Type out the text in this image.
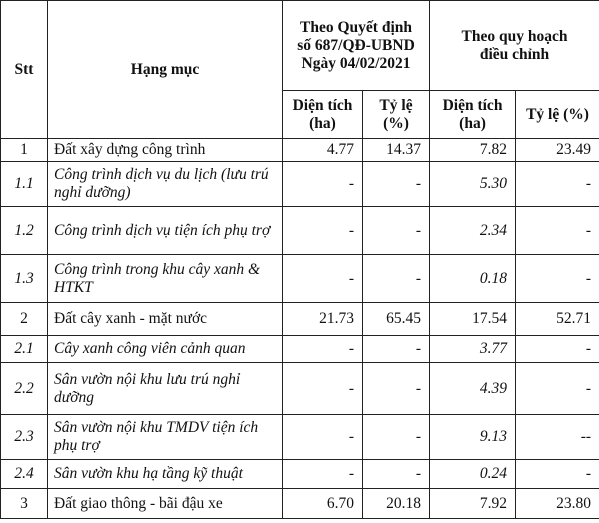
Stt	Hạng mục	Theo Quyết định số 687/QĐ-UBND Ngày 04/02/2021		Theo quy hoạch điều chỉnh	
		Diện tích (ha)	Tỷ lệ (%)	Diện tích (ha)	Tỷ lệ (%)
1	Đất xây dựng công trình	4.77	14.37	7.82	23.49
1.1	Công trình dịch vụ du lịch (lưu trú nghỉ dưỡng)	-	-	5.30	-
1.2	Công trình dịch vụ tiện ích phụ trợ	-	-	2.34	-
1.3	Công trình trong khu cây xanh & HTKT	-	-	0.18	-
2	Đất cây xanh - mặt nước	21.73	65.45	17.54	52.71
2.1	Cây xanh công viên cảnh quan	-	-	3.77	-
2.2	Sân vườn nội khu lưu trú nghỉ dưỡng	-	-	4.39	-
2.3	Sân vườn nội khu TMDV tiện ích phụ trợ	-	-	9.13	--
2.4	Sân vườn khu hạ tầng kỹ thuật	-	-	0.24	-
3	Đất giao thông - bãi đậu xe	6.70	20.18	7.92	23.80
